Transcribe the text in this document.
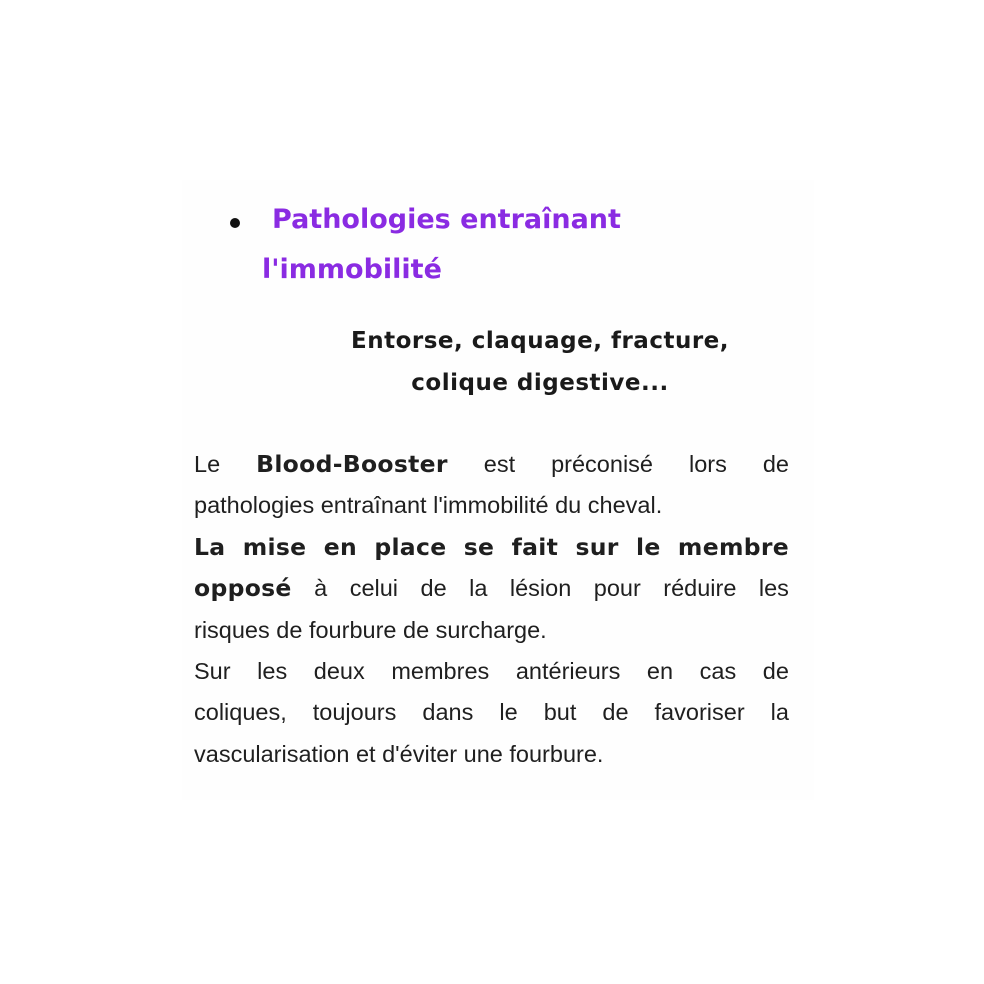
Pathologies entraînant
l'immobilité
Entorse, claquage, fracture,
colique digestive...
Le Blood-Booster est préconisé lors de
pathologies entraînant l'immobilité du cheval.
La mise en place se fait sur le membre
opposé à celui de la lésion pour réduire les
risques de fourbure de surcharge.
Sur les deux membres antérieurs en cas de
coliques, toujours dans le but de favoriser la
vascularisation et d'éviter une fourbure.
